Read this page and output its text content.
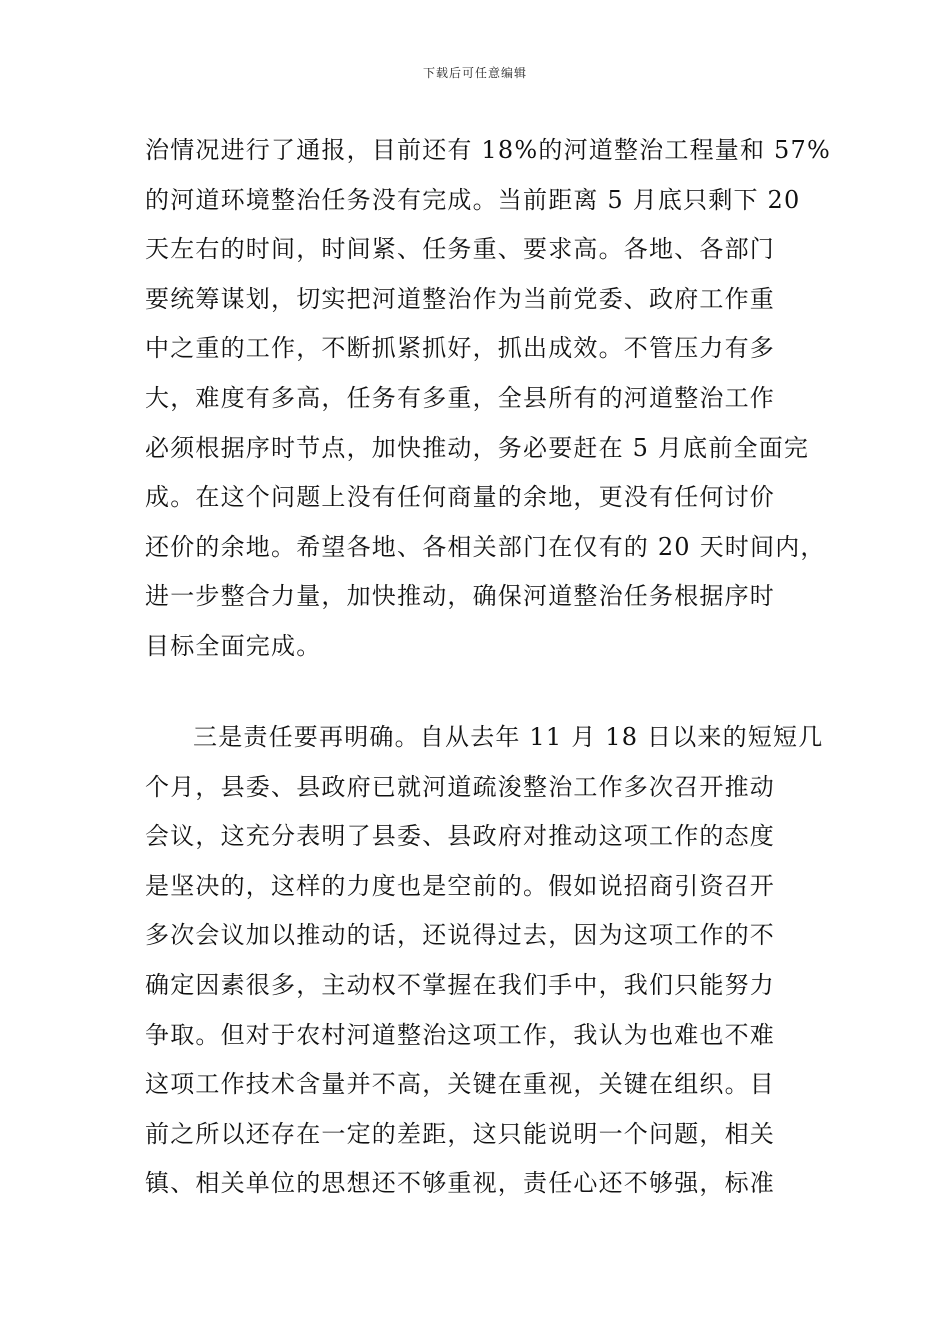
下载后可任意编辑
治情况进行了通报，目前还有 18%的河道整治工程量和 57%
的河道环境整治任务没有完成。当前距离 5 月底只剩下 20
天左右的时间，时间紧、任务重、要求高。各地、各部门
要统筹谋划，切实把河道整治作为当前党委、政府工作重
中之重的工作，不断抓紧抓好，抓出成效。不管压力有多
大，难度有多高，任务有多重，全县所有的河道整治工作
必须根据序时节点，加快推动，务必要赶在 5 月底前全面完
成。在这个问题上没有任何商量的余地，更没有任何讨价
还价的余地。希望各地、各相关部门在仅有的 20 天时间内，
进一步整合力量，加快推动，确保河道整治任务根据序时
目标全面完成。
三是责任要再明确。自从去年 11 月 18 日以来的短短几
个月，县委、县政府已就河道疏浚整治工作多次召开推动
会议，这充分表明了县委、县政府对推动这项工作的态度
是坚决的，这样的力度也是空前的。假如说招商引资召开
多次会议加以推动的话，还说得过去，因为这项工作的不
确定因素很多，主动权不掌握在我们手中，我们只能努力
争取。但对于农村河道整治这项工作，我认为也难也不难
这项工作技术含量并不高，关键在重视，关键在组织。目
前之所以还存在一定的差距，这只能说明一个问题，相关
镇、相关单位的思想还不够重视，责任心还不够强，标准
